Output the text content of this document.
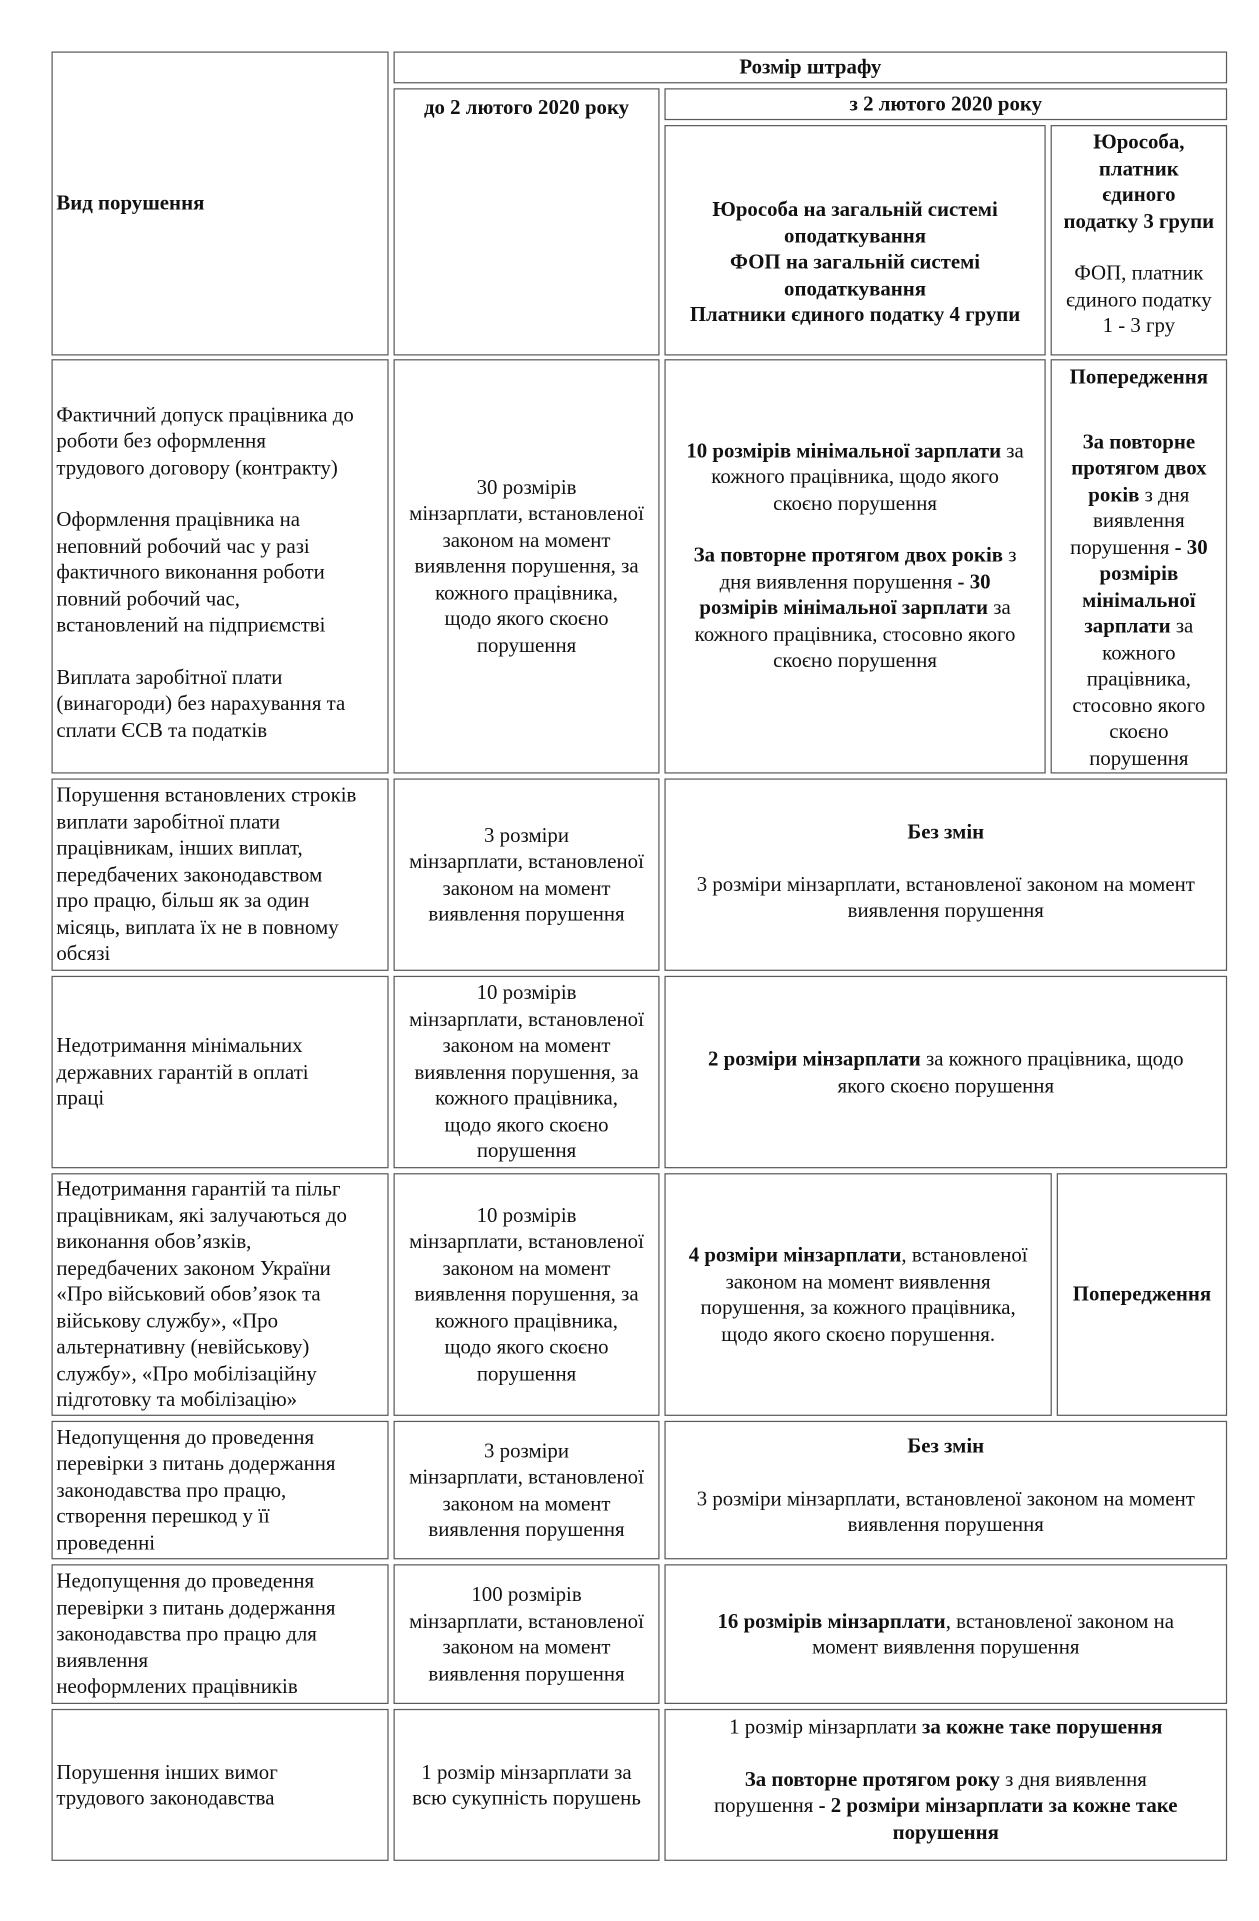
Вид порушення

Розмір штрафу

до 2 лютого 2020 року	з 2 лютого 2020 року

Юрособа на загальній системі

оподаткування

ФОП на загальній системі

оподаткування

Платники єдиного податку 4 групи

Юрособа,

платник

єдиного

податку 3 групи

ФОП, платник

єдиного податку

1 - 3 гру

Фактичний допуск працівника до

роботи без оформлення

трудового договору (контракту)

Оформлення працівника на

неповний робочий час у разі

фактичного виконання роботи

повний робочий час,

встановлений на підприємстві

Виплата заробітної плати

(винагороди) без нарахування та

сплати ЄСВ та податків

30 розмірів

мінзарплати, встановленої

законом на момент

виявлення порушення, за

кожного працівника,

щодо якого скоєно

порушення

10 розмірів мінімальної зарплати за

кожного працівника, щодо якого

скоєно порушення

За повторне протягом двох років з

дня виявлення порушення - 30

розмірів мінімальної зарплати за

кожного працівника, стосовно якого

скоєно порушення

Попередження

За повторне

протягом двох

років з дня

виявлення

порушення - 30

розмірів

мінімальної

зарплати за

кожного

працівника,

стосовно якого

скоєно

порушення

Порушення встановлених строків

виплати заробітної плати

працівникам, інших виплат,

передбачених законодавством

про працю, більш як за один

місяць, виплата їх не в повному

обсязі

3 розміри

мінзарплати, встановленої

законом на момент

виявлення порушення

Без змін

3 розміри мінзарплати, встановленої законом на момент

виявлення порушення

Недотримання мінімальних

державних гарантій в оплаті

праці

10 розмірів

мінзарплати, встановленої

законом на момент

виявлення порушення, за

кожного працівника,

щодо якого скоєно

порушення

2 розміри мінзарплати за кожного працівника, щодо

якого скоєно порушення

Недотримання гарантій та пільг

працівникам, які залучаються до

виконання обов’язків,

передбачених законом України

«Про військовий обов’язок та

військову службу», «Про

альтернативну (невійськову)

службу», «Про мобілізаційну

підготовку та мобілізацію»

10 розмірів

мінзарплати, встановленої

законом на момент

виявлення порушення, за

кожного працівника,

щодо якого скоєно

порушення

4 розміри мінзарплати, встановленої

законом на момент виявлення

порушення, за кожного працівника,

щодо якого скоєно порушення.

Попередження

Недопущення до проведення

перевірки з питань додержання

законодавства про працю,

створення перешкод у її

проведенні

3 розміри

мінзарплати, встановленої

законом на момент

виявлення порушення

Без змін

3 розміри мінзарплати, встановленої законом на момент

виявлення порушення

Недопущення до проведення

перевірки з питань додержання

законодавства про працю для

виявлення

неоформлених працівників

100 розмірів

мінзарплати, встановленої

законом на момент

виявлення порушення

16 розмірів мінзарплати, встановленої законом на

момент виявлення порушення

Порушення інших вимог

трудового законодавства

1 розмір мінзарплати за

всю сукупність порушень

1 розмір мінзарплати за кожне таке порушення

За повторне протягом року з дня виявлення

порушення - 2 розміри мінзарплати за кожне таке

порушення
